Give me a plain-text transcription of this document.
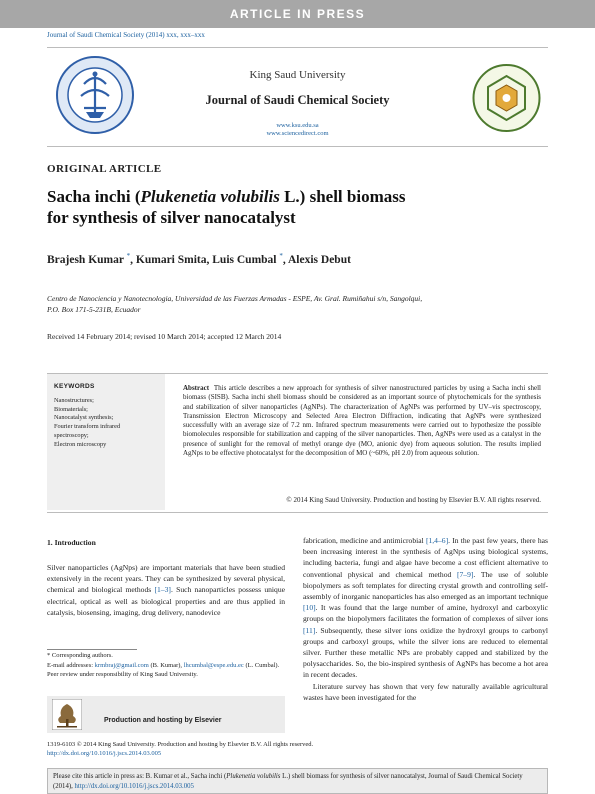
ARTICLE IN PRESS
Journal of Saudi Chemical Society (2014) xxx, xxx–xxx
King Saud University
Journal of Saudi Chemical Society
www.ksu.edu.sa
www.sciencedirect.com
ORIGINAL ARTICLE
Sacha inchi (Plukenetia volubilis L.) shell biomass
for synthesis of silver nanocatalyst
Brajesh Kumar *, Kumari Smita, Luis Cumbal *, Alexis Debut
Centro de Nanociencia y Nanotecnologia, Universidad de las Fuerzas Armadas - ESPE, Av. Gral. Rumiñahui s/n, Sangolqui,
P.O. Box 171-5-231B, Ecuador
Received 14 February 2014; revised 10 March 2014; accepted 12 March 2014
KEYWORDS
Nanostructures;
Biomaterials;
Nanocatalyst synthesis;
Fourier transform infrared
spectroscopy;
Electron microscopy
Abstract This article describes a new approach for synthesis of silver nanostructured particles by using a Sacha inchi shell biomass (SISB). Sacha inchi shell biomass should be considered as an important source of phytochemicals for the synthesis and stabilization of silver nanoparticles (AgNPs). The characterization of AgNPs was performed by UV–vis spectroscopy, Transmission Electron Microscopy and Selected Area Electron Diffraction, indicating that AgNPs were synthesized successfully with an average size of 7.2 nm. Infrared spectrum measurements were carried out to hypothesize the possible biomolecules responsible for stabilization and capping of the silver nanoparticles. Then, AgNPs were used as a catalyst in the presence of sunlight for the removal of methyl orange dye (MO, anionic dye) from aqueous solution. The results implied AgNps to be effective photocatalyst for the decomposition of MO (~60%, pH 2.0) from aqueous solution.
© 2014 King Saud University. Production and hosting by Elsevier B.V. All rights reserved.
1. Introduction
Silver nanoparticles (AgNps) are important materials that have been studied extensively in the recent years. They can be synthesized by several physical, chemical and biological methods [1–3]. Such nanoparticles possess unique electrical, optical as well as biological properties and are thus applied in catalysis, biosensing, imaging, drug delivery, nanodevice
fabrication, medicine and antimicrobial [1,4–6]. In the past few years, there has been increasing interest in the synthesis of AgNps using biological systems, including bacteria, fungi and algae have become a cost efficient alternative to conventional physical and chemical method [7–9]. The use of soluble biopolymers as soft templates for directing crystal growth and controlling self-assembly of inorganic nanoparticles has also emerged as an important technique [10]. It was found that the large number of amine, hydroxyl and carboxylic groups on the biopolymers facilitates the formation of complexes of silver ions [11]. Subsequently, these silver ions oxidize the hydroxyl groups to carbonyl groups and carboxyl groups, while the silver ions are reduced to elemental silver. Further these metallic NPs are probably capped and stabilized by the polysaccharides. So, the bio-inspired synthesis of AgNPs has become a hot area in recent decades.
Literature survey has shown that very few naturally available agricultural wastes have been investigated for the
* Corresponding authors.
E-mail addresses: krmbraj@gmail.com (B. Kumar), lhcumbal@espe.edu.ec (L. Cumbal).
Peer review under responsibility of King Saud University.
Production and hosting by Elsevier
1319-6103 © 2014 King Saud University. Production and hosting by Elsevier B.V. All rights reserved.
http://dx.doi.org/10.1016/j.jscs.2014.03.005
Please cite this article in press as: B. Kumar et al., Sacha inchi (Plukenetia volubilis L.) shell biomass for synthesis of silver nanocatalyst, Journal of Saudi Chemical Society (2014), http://dx.doi.org/10.1016/j.jscs.2014.03.005
